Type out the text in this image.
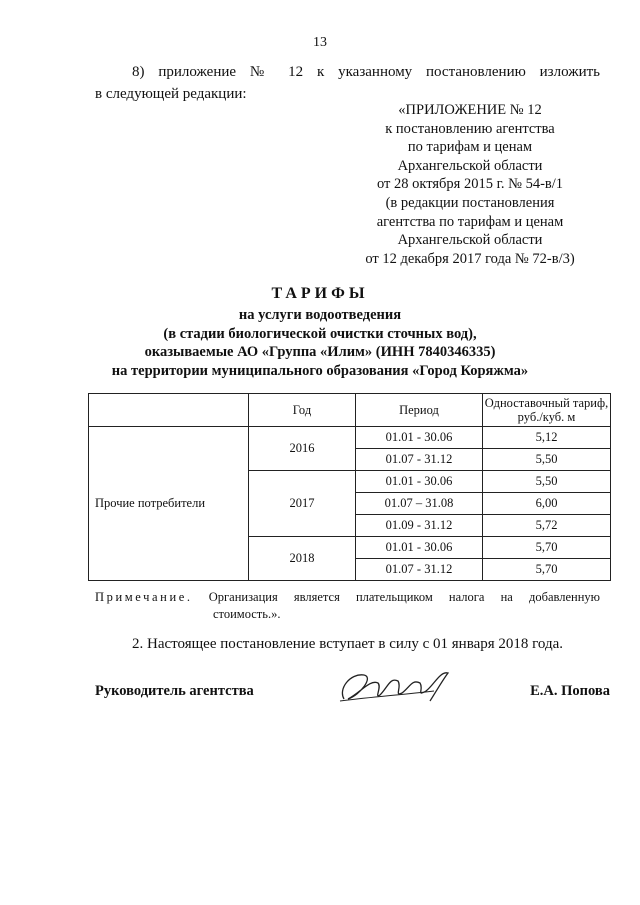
13
8) приложение № 12 к указанному постановлению изложить
в следующей редакции:
«ПРИЛОЖЕНИЕ № 12
к постановлению агентства
по тарифам и ценам
Архангельской области
от 28 октября 2015 г. № 54-в/1
(в редакции постановления
агентства по тарифам и ценам
Архангельской области
от 12 декабря 2017 года № 72-в/3)
ТАРИФЫ
на услуги водоотведения
(в стадии биологической очистки сточных вод),
оказываемые АО «Группа «Илим» (ИНН 7840346335)
на территории муниципального образования «Город Коряжма»
	Год	Период	Одноставочный тариф, руб./куб. м
Прочие потребители	2016	01.01 - 30.06	5,12
		01.07 - 31.12	5,50
	2017	01.01 - 30.06	5,50
		01.07 – 31.08	6,00
		01.09 - 31.12	5,72
	2018	01.01 - 30.06	5,70
		01.07 - 31.12	5,70
Примечание. Организация является плательщиком налога на добавленную
стоимость.».
2. Настоящее постановление вступает в силу с 01 января 2018 года.
Руководитель агентства	Е.А. Попова
